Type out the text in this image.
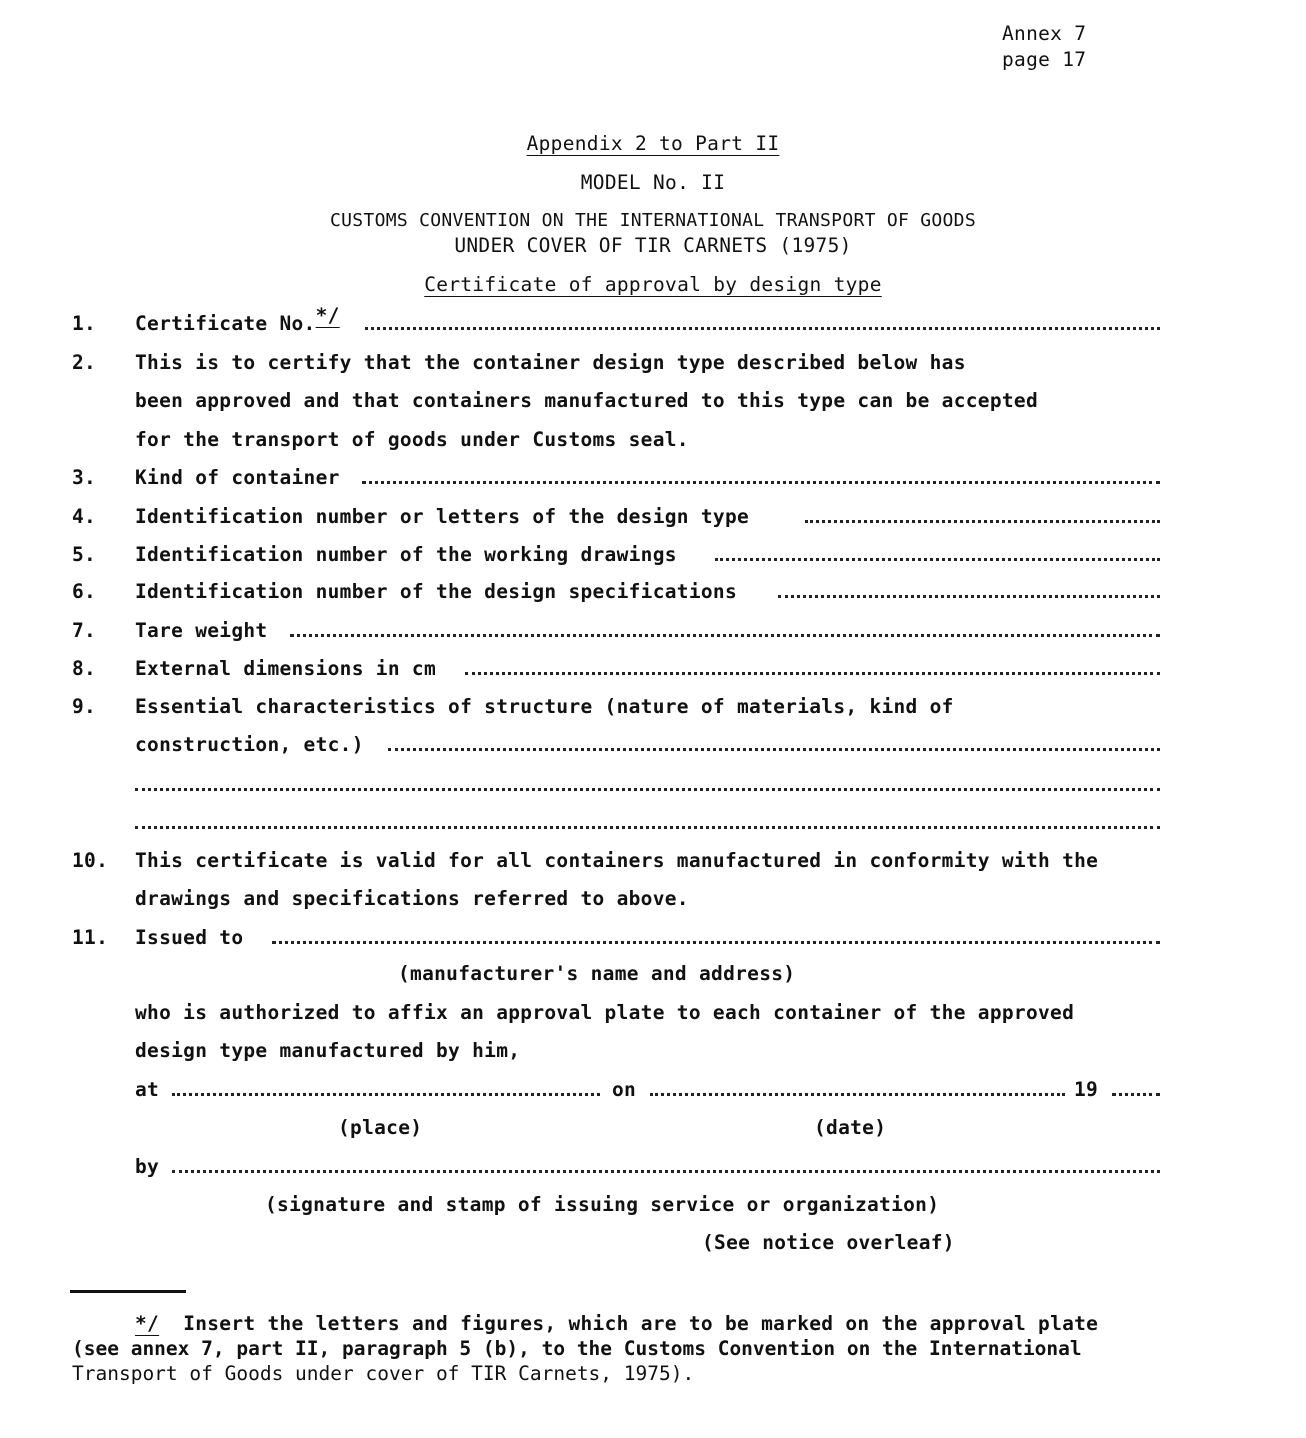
Annex 7
page 17
Appendix 2 to Part II
MODEL No. II
CUSTOMS CONVENTION ON THE INTERNATIONAL TRANSPORT OF GOODS
UNDER COVER OF TIR CARNETS (1975)
Certificate of approval by design type
1. Certificate No.*/
2. This is to certify that the container design type described below has
been approved and that containers manufactured to this type can be accepted
for the transport of goods under Customs seal.
3. Kind of container
4. Identification number or letters of the design type
5. Identification number of the working drawings
6. Identification number of the design specifications
7. Tare weight
8. External dimensions in cm
9. Essential characteristics of structure (nature of materials, kind of
construction, etc.)
10. This certificate is valid for all containers manufactured in conformity with the
drawings and specifications referred to above.
11. Issued to
(manufacturer's name and address)
who is authorized to affix an approval plate to each container of the approved
design type manufactured by him,
at	on	19
(place)	(date)
by
(signature and stamp of issuing service or organization)
(See notice overleaf)
*/ Insert the letters and figures, which are to be marked on the approval plate
(see annex 7, part II, paragraph 5 (b), to the Customs Convention on the International
Transport of Goods under cover of TIR Carnets, 1975).
